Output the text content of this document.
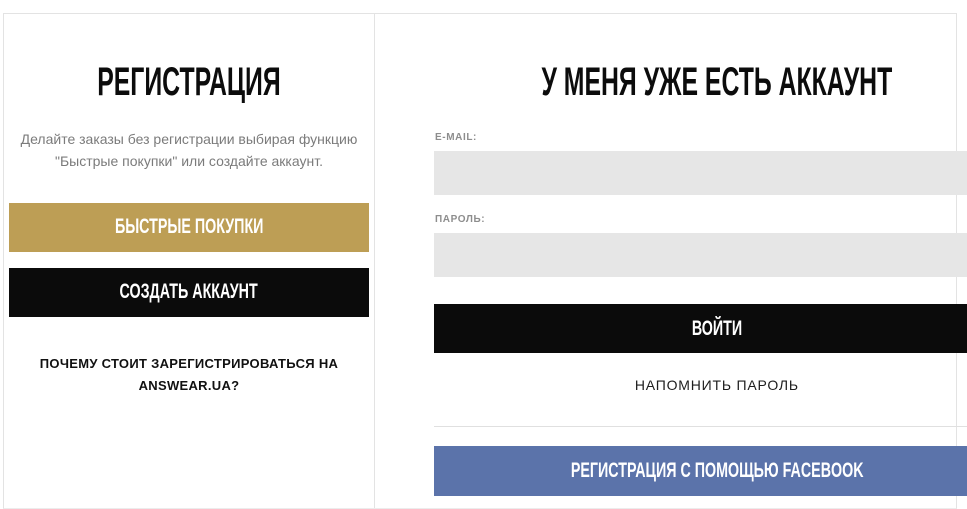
РЕГИСТРАЦИЯ

Делайте заказы без регистрации выбирая функцию "Быстрые покупки" или создайте аккаунт.

БЫСТРЫЕ ПОКУПКИ
СОЗДАТЬ АККАУНТ
ПОЧЕМУ СТОИТ ЗАРЕГИСТРИРОВАТЬСЯ НА ANSWEAR.UA?
У МЕНЯ УЖЕ ЕСТЬ АККАУНТ
E-MAIL:
ПАРОЛЬ:
ВОЙТИ
НАПОМНИТЬ ПАРОЛЬ
РЕГИСТРАЦИЯ С ПОМОЩЬЮ FACEBOOK
